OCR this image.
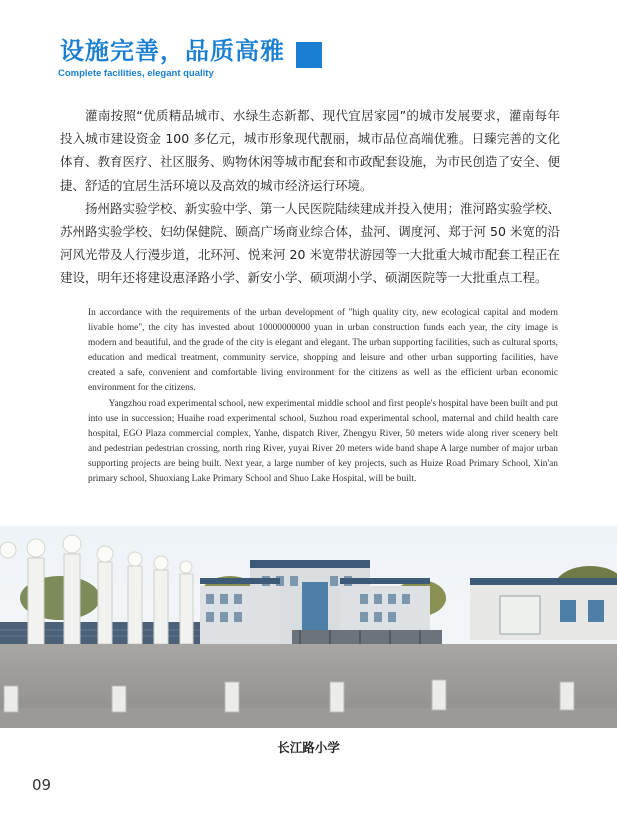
设施完善，品质高雅
Complete facilities, elegant quality

灌南按照“优质精品城市、水绿生态新都、现代宜居家园”的城市发展要求，灌南每年投入城市建设资金 100 多亿元，城市形象现代靓丽，城市品位高端优雅。日臻完善的文化体育、教育医疗、社区服务、购物休闲等城市配套和市政配套设施，为市民创造了安全、便捷、舒适的宜居生活环境以及高效的城市经济运行环境。

扬州路实验学校、新实验中学、第一人民医院陆续建成并投入使用；淮河路实验学校、苏州路实验学校、妇幼保健院、颐高广场商业综合体，盐河、调度河、郑于河 50 米宽的沿河风光带及人行漫步道，北环河、悦来河 20 米宽带状游园等一大批重大城市配套工程正在建设，明年还将建设惠泽路小学、新安小学、硕项湖小学、硕湖医院等一大批重点工程。

In accordance with the requirements of the urban development of "high quality city, new ecological capital and modern livable home", the city has invested about 10000000000 yuan in urban construction funds each year, the city image is modern and beautiful, and the grade of the city is elegant and elegant. The urban supporting facilities, such as cultural sports, education and medical treatment, community service, shopping and leisure and other urban supporting facilities, have created a safe, convenient and comfortable living environment for the citizens as well as the efficient urban economic environment for the citizens.

Yangzhou road experimental school, new experimental middle school and first people's hospital have been built and put into use in succession; Huaihe road experimental school, Suzhou road experimental school, maternal and child health care hospital, EGO Plaza commercial complex, Yanhe, dispatch River, Zhengyu River, 50 meters wide along river scenery belt and pedestrian pedestrian crossing, north ring River, yuyai River 20 meters wide band shape A large number of major urban supporting projects are being built. Next year, a large number of key projects, such as Huize Road Primary School, Xin'an primary school, Shuoxiang Lake Primary School and Shuo Lake Hospital, will be built.

长江路小学
09
